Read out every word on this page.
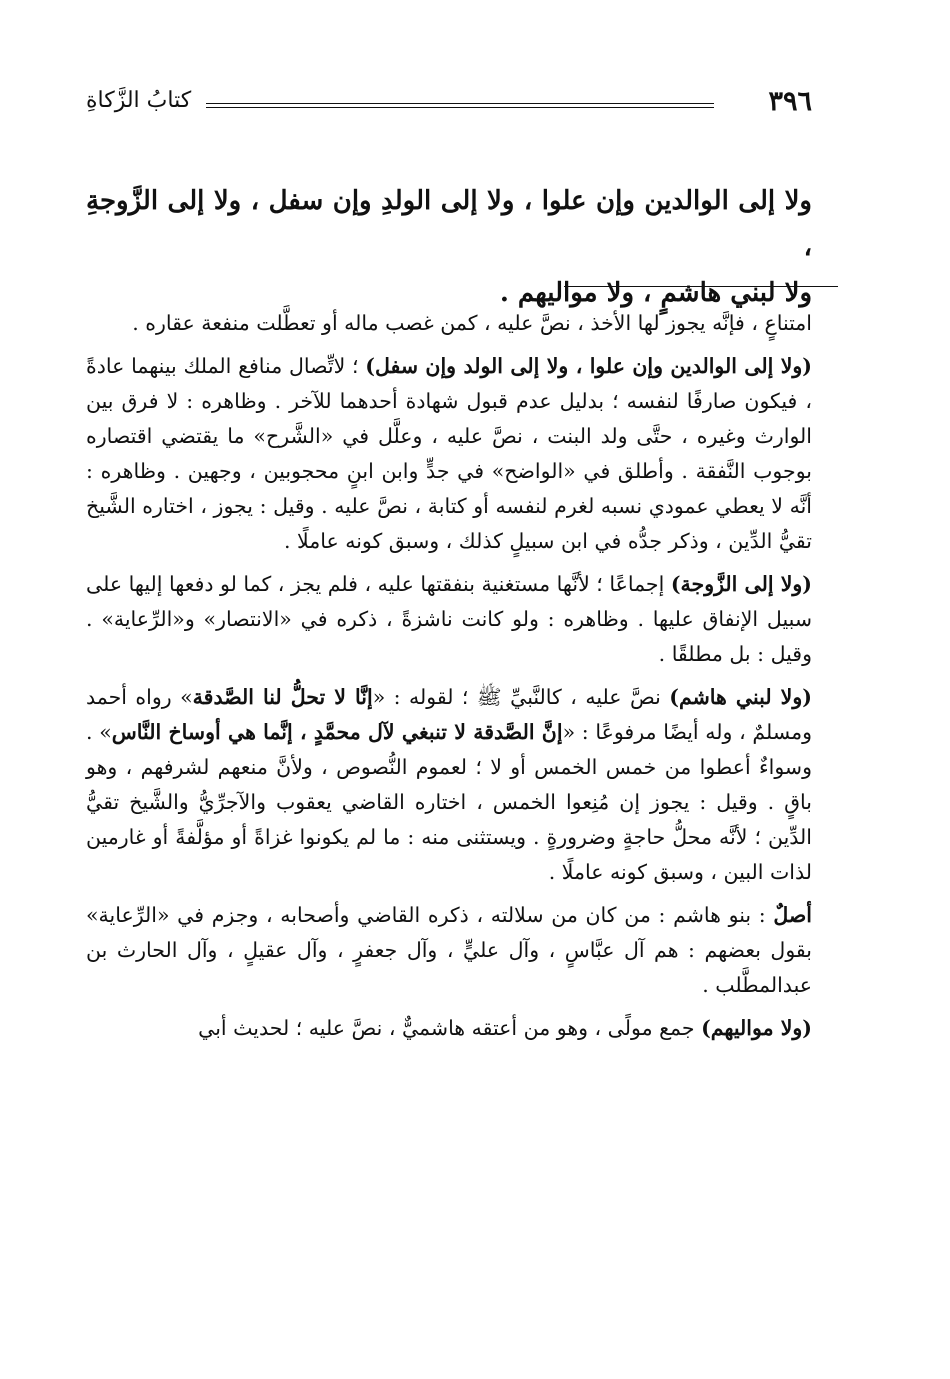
٣٩٦
كتابُ الزَّكاةِ
ولا إلى الوالدين وإن علوا ، ولا إلى الولدِ وإن سفل ، ولا إلى الزَّوجةِ ،
ولا لبني هاشمٍ ، ولا مواليهم .

امتناعٍ ، فإنَّه يجوز لها الأخذ ، نصَّ عليه ، كمن غصب ماله أو تعطَّلت منفعة عقاره .

(ولا إلى الوالدين وإن علوا ، ولا إلى الولد وإن سفل) ؛ لاتِّصال منافع الملك بينهما عادةً ، فيكون صارفًا لنفسه ؛ بدليل عدم قبول شهادة أحدهما للآخر . وظاهره : لا فرق بين الوارث وغيره ، حتَّى ولد البنت ، نصَّ عليه ، وعلَّل في «الشَّرح» ما يقتضي اقتصاره بوجوب النَّفقة . وأطلق في «الواضح» في جدٍّ وابن ابنٍ محجوبين ، وجهين . وظاهره : أنَّه لا يعطي عمودي نسبه لغرم لنفسه أو كتابة ، نصَّ عليه . وقيل : يجوز ، اختاره الشَّيخ تقيُّ الدِّين ، وذكر جدُّه في ابن سبيلٍ كذلك ، وسبق كونه عاملًا .

(ولا إلى الزَّوجة) إجماعًا ؛ لأنَّها مستغنية بنفقتها عليه ، فلم يجز ، كما لو دفعها إليها على سبيل الإنفاق عليها . وظاهره : ولو كانت ناشزةً ، ذكره في «الانتصار» و«الرِّعاية» . وقيل : بل مطلقًا .

(ولا لبني هاشم) نصَّ عليه ، كالنَّبيِّ ﷺ ؛ لقوله : «إنَّا لا تحلُّ لنا الصَّدقة» رواه أحمد ومسلمٌ ، وله أيضًا مرفوعًا : «إنَّ الصَّدقة لا تنبغي لآل محمَّدٍ ، إنَّما هي أوساخ النَّاس» . وسواءٌ أعطوا من خمس الخمس أو لا ؛ لعموم النُّصوص ، ولأنَّ منعهم لشرفهم ، وهو باقٍ . وقيل : يجوز إن مُنِعوا الخمس ، اختاره القاضي يعقوب والآجرِّيُّ والشَّيخ تقيُّ الدِّين ؛ لأنَّه محلُّ حاجةٍ وضرورةٍ . ويستثنى منه : ما لم يكونوا غزاةً أو مؤلَّفةً أو غارمين لذات البين ، وسبق كونه عاملًا .

أصلٌ : بنو هاشم : من كان من سلالته ، ذكره القاضي وأصحابه ، وجزم في «الرِّعاية» بقول بعضهم : هم آل عبَّاسٍ ، وآل عليٍّ ، وآل جعفرٍ ، وآل عقيلٍ ، وآل الحارث بن عبدالمطَّلب .

(ولا مواليهم) جمع مولًى ، وهو من أعتقه هاشميٌّ ، نصَّ عليه ؛ لحديث أبي
